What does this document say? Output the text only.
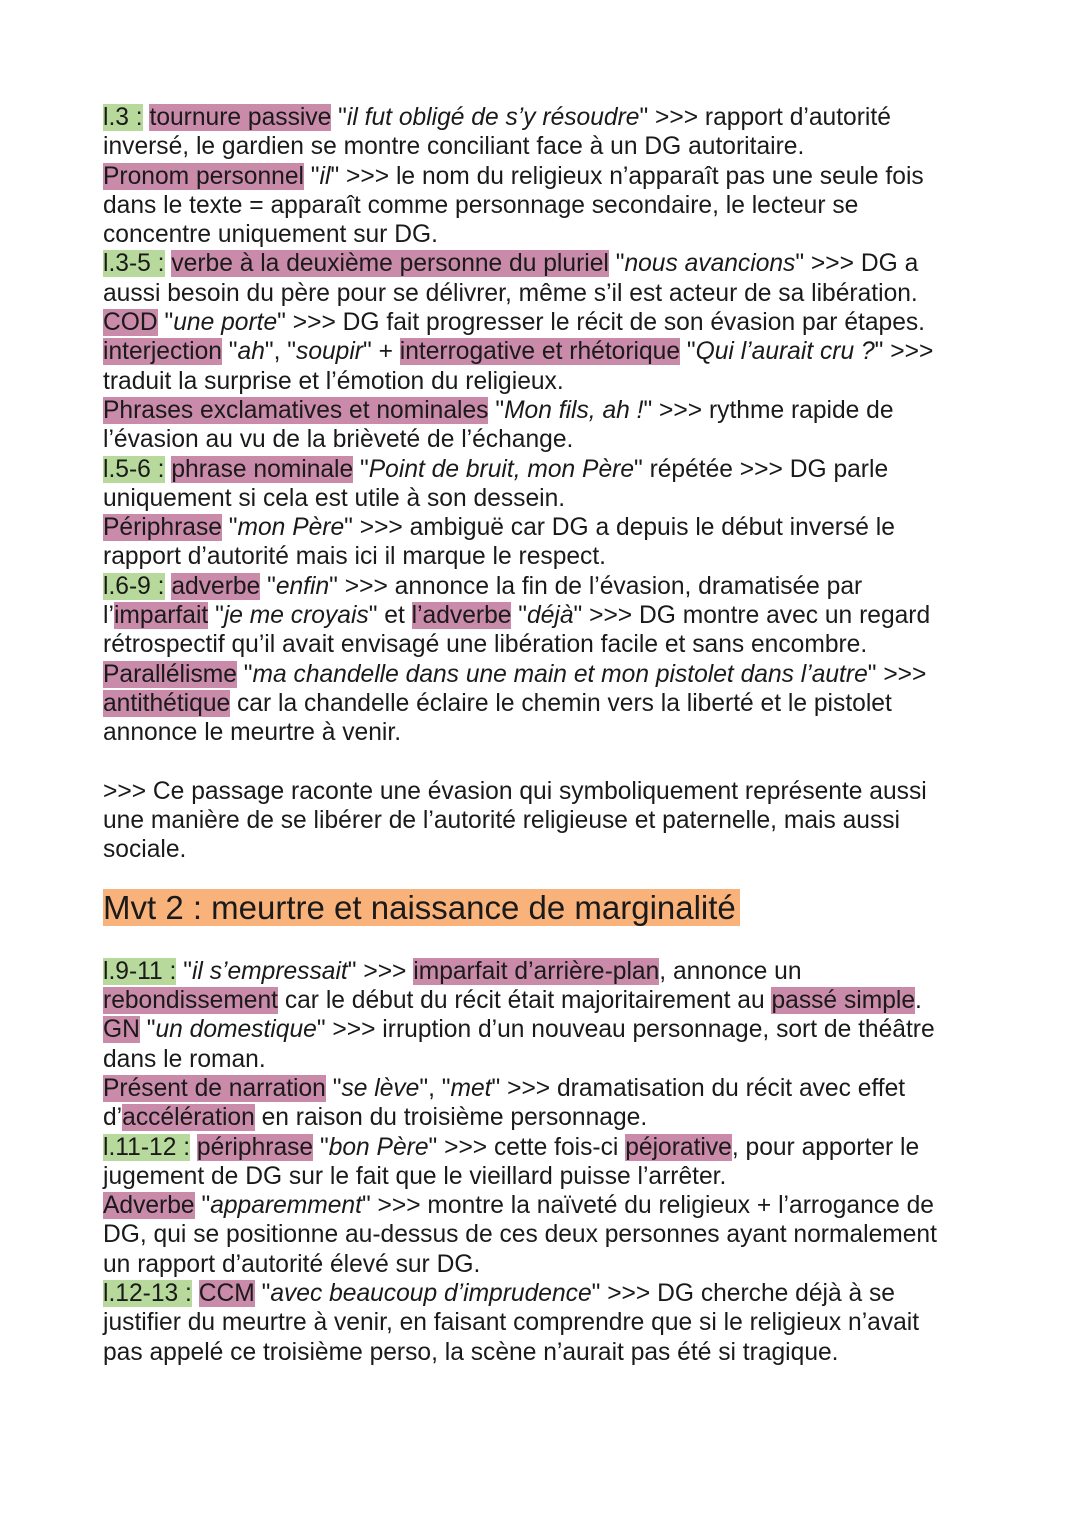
l.3 : tournure passive "il fut obligé de s’y résoudre" >>> rapport d’autorité

inversé, le gardien se montre conciliant face à un DG autoritaire.

Pronom personnel "il" >>> le nom du religieux n’apparaît pas une seule fois

dans le texte = apparaît comme personnage secondaire, le lecteur se

concentre uniquement sur DG.

l.3-5 : verbe à la deuxième personne du pluriel "nous avancions" >>> DG a

aussi besoin du père pour se délivrer, même s’il est acteur de sa libération.

COD "une porte" >>> DG fait progresser le récit de son évasion par étapes.

interjection "ah", "soupir" + interrogative et rhétorique "Qui l’aurait cru ?" >>>

traduit la surprise et l’émotion du religieux.

Phrases exclamatives et nominales "Mon fils, ah !" >>> rythme rapide de

l’évasion au vu de la brièveté de l’échange.

l.5-6 : phrase nominale "Point de bruit, mon Père" répétée >>> DG parle

uniquement si cela est utile à son dessein.

Périphrase "mon Père" >>> ambiguë car DG a depuis le début inversé le

rapport d’autorité mais ici il marque le respect.

l.6-9 : adverbe "enfin" >>> annonce la fin de l’évasion, dramatisée par

l’imparfait "je me croyais" et l’adverbe "déjà" >>> DG montre avec un regard

rétrospectif qu’il avait envisagé une libération facile et sans encombre.

Parallélisme "ma chandelle dans une main et mon pistolet dans l’autre" >>>

antithétique car la chandelle éclaire le chemin vers la liberté et le pistolet

annonce le meurtre à venir.

>>> Ce passage raconte une évasion qui symboliquement représente aussi

une manière de se libérer de l’autorité religieuse et paternelle, mais aussi

sociale.

Mvt 2 : meurtre et naissance de marginalité

l.9-11 : "il s’empressait" >>> imparfait d’arrière-plan, annonce un

rebondissement car le début du récit était majoritairement au passé simple.

GN "un domestique" >>> irruption d’un nouveau personnage, sort de théâtre

dans le roman.

Présent de narration "se lève", "met" >>> dramatisation du récit avec effet

d’accélération en raison du troisième personnage.

l.11-12 : périphrase "bon Père" >>> cette fois-ci péjorative, pour apporter le

jugement de DG sur le fait que le vieillard puisse l’arrêter.

Adverbe "apparemment" >>> montre la naïveté du religieux + l’arrogance de

DG, qui se positionne au-dessus de ces deux personnes ayant normalement

un rapport d’autorité élevé sur DG.

l.12-13 : CCM "avec beaucoup d’imprudence" >>> DG cherche déjà à se

justifier du meurtre à venir, en faisant comprendre que si le religieux n’avait

pas appelé ce troisième perso, la scène n’aurait pas été si tragique.
